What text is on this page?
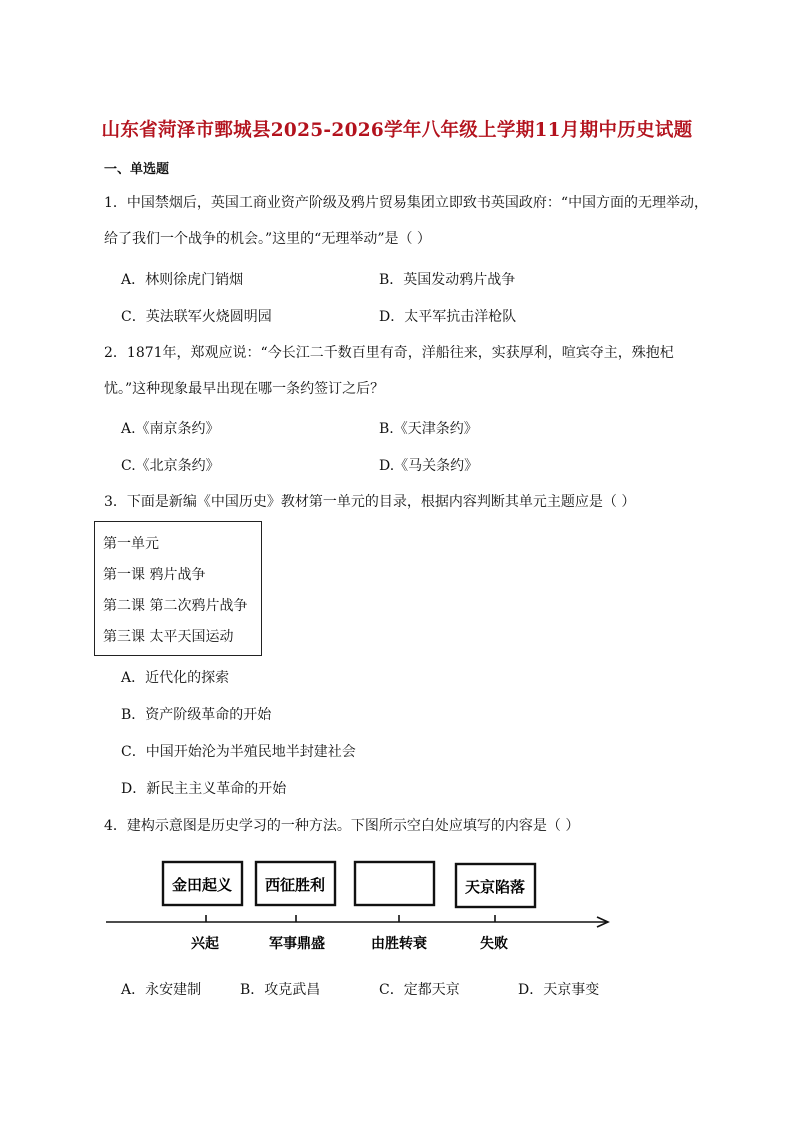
山东省菏泽市鄄城县2025-2026学年八年级上学期11月期中历史试题
一、单选题
1．中国禁烟后，英国工商业资产阶级及鸦片贸易集团立即致书英国政府：“中国方面的无理举动，
给了我们一个战争的机会。”这里的“无理举动”是（ ）
A．林则徐虎门销烟	B．英国发动鸦片战争
C．英法联军火烧圆明园	D．太平军抗击洋枪队
2．1871年，郑观应说：“今长江二千数百里有奇，洋船往来，实获厚利，喧宾夺主，殊抱杞
忧。”这种现象最早出现在哪一条约签订之后？
A.《南京条约》	B.《天津条约》
C.《北京条约》	D.《马关条约》
3．下面是新编《中国历史》教材第一单元的目录，根据内容判断其单元主题应是（ ）
第一单元
第一课 鸦片战争
第二课 第二次鸦片战争
第三课 太平天国运动
A．近代化的探索
B．资产阶级革命的开始
C．中国开始沦为半殖民地半封建社会
D．新民主主义革命的开始
4．建构示意图是历史学习的一种方法。下图所示空白处应填写的内容是（ ）
金田起义 西征胜利	天京陷落
兴起	军事鼎盛	由胜转衰	失败
A．永安建制	B．攻克武昌	C．定都天京	D．天京事变
